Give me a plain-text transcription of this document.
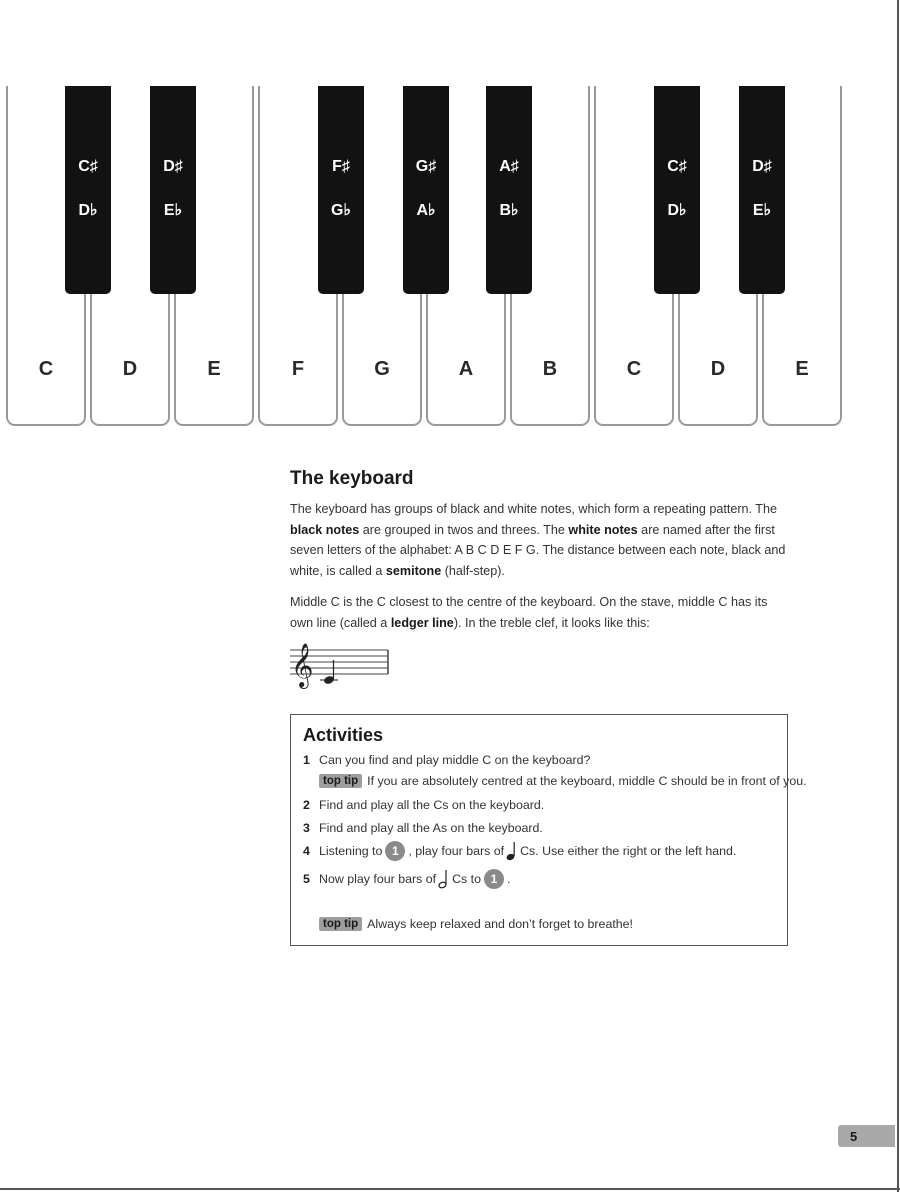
C	D	E	F	G	A	B	C	D	E
C♯
D♭
D♯
E♭
F♯
G♭
G♯
A♭
A♯
B♭
C♯
D♭
D♯
E♭
The keyboard
The keyboard has groups of black and white notes, which form a repeating pattern. The black notes are grouped in twos and threes. The white notes are named after the first seven letters of the alphabet: A B C D E F G. The distance between each note, black and white, is called a semitone (half-step).
Middle C is the C closest to the centre of the keyboard. On the stave, middle C has its own line (called a ledger line). In the treble clef, it looks like this:
𝄞
Activities
1 Can you find and play middle C on the keyboard?
top tip If you are absolutely centred at the keyboard, middle C should be in front of you.
2 Find and play all the Cs on the keyboard.
3 Find and play all the As on the keyboard.
4 Listening to 1 , play four bars of Cs. Use either the right or the left hand.
5 Now play four bars of Cs to 1 .
top tip Always keep relaxed and don’t forget to breathe!
5
